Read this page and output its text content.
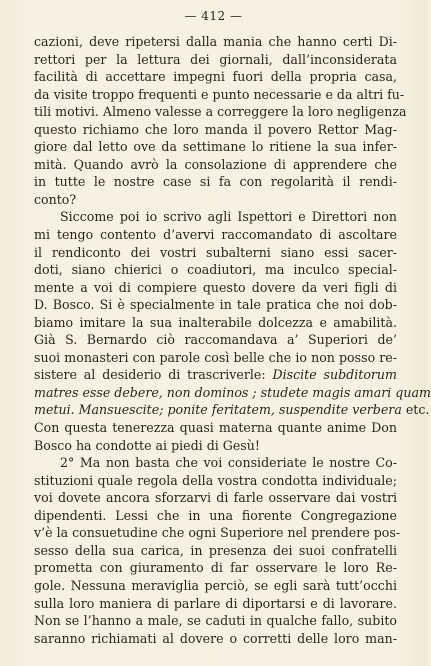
— 412 —
cazioni, deve ripetersi dalla mania che hanno certi Di-
rettori per la lettura dei giornali, dall’inconsiderata
facilità di accettare impegni fuori della propria casa,
da visite troppo frequenti e punto necessarie e da altri fu-
tili motivi. Almeno valesse a correggere la loro negligenza
questo richiamo che loro manda il povero Rettor Mag-
giore dal letto ove da settimane lo ritiene la sua infer-
mità. Quando avrò la consolazione di apprendere che
in tutte le nostre case si fa con regolarità il rendi-
conto?
Siccome poi io scrivo agli Ispettori e Direttori non
mi tengo contento d’avervi raccomandato di ascoltare
il rendiconto dei vostri subalterni siano essi sacer-
doti, siano chierici o coadiutori, ma inculco special-
mente a voi di compiere questo dovere da veri figli di
D. Bosco. Si è specialmente in tale pratica che noi dob-
biamo imitare la sua inalterabile dolcezza e amabilità.
Già S. Bernardo ciò raccomandava a’ Superiori de’
suoi monasteri con parole così belle che io non posso re-
sistere al desiderio di trascriverle: Discite subditorum
matres esse debere, non dominos ; studete magis amari quam
metui. Mansuescite; ponite feritatem, suspendite verbera etc.
Con questa tenerezza quasi materna quante anime Don
Bosco ha condotte ai piedi di Gesù!
2° Ma non basta che voi consideriate le nostre Co-
stituzioni quale regola della vostra condotta individuale;
voi dovete ancora sforzarvi di farle osservare dai vostri
dipendenti. Lessi che in una fiorente Congregazione
v’è la consuetudine che ogni Superiore nel prendere pos-
sesso della sua carica, in presenza dei suoi confratelli
prometta con giuramento di far osservare le loro Re-
gole. Nessuna meraviglia perciò, se egli sarà tutt’occhi
sulla loro maniera di parlare di diportarsi e di lavorare.
Non se l’hanno a male, se caduti in qualche fallo, subito
saranno richiamati al dovere o corretti delle loro man-
